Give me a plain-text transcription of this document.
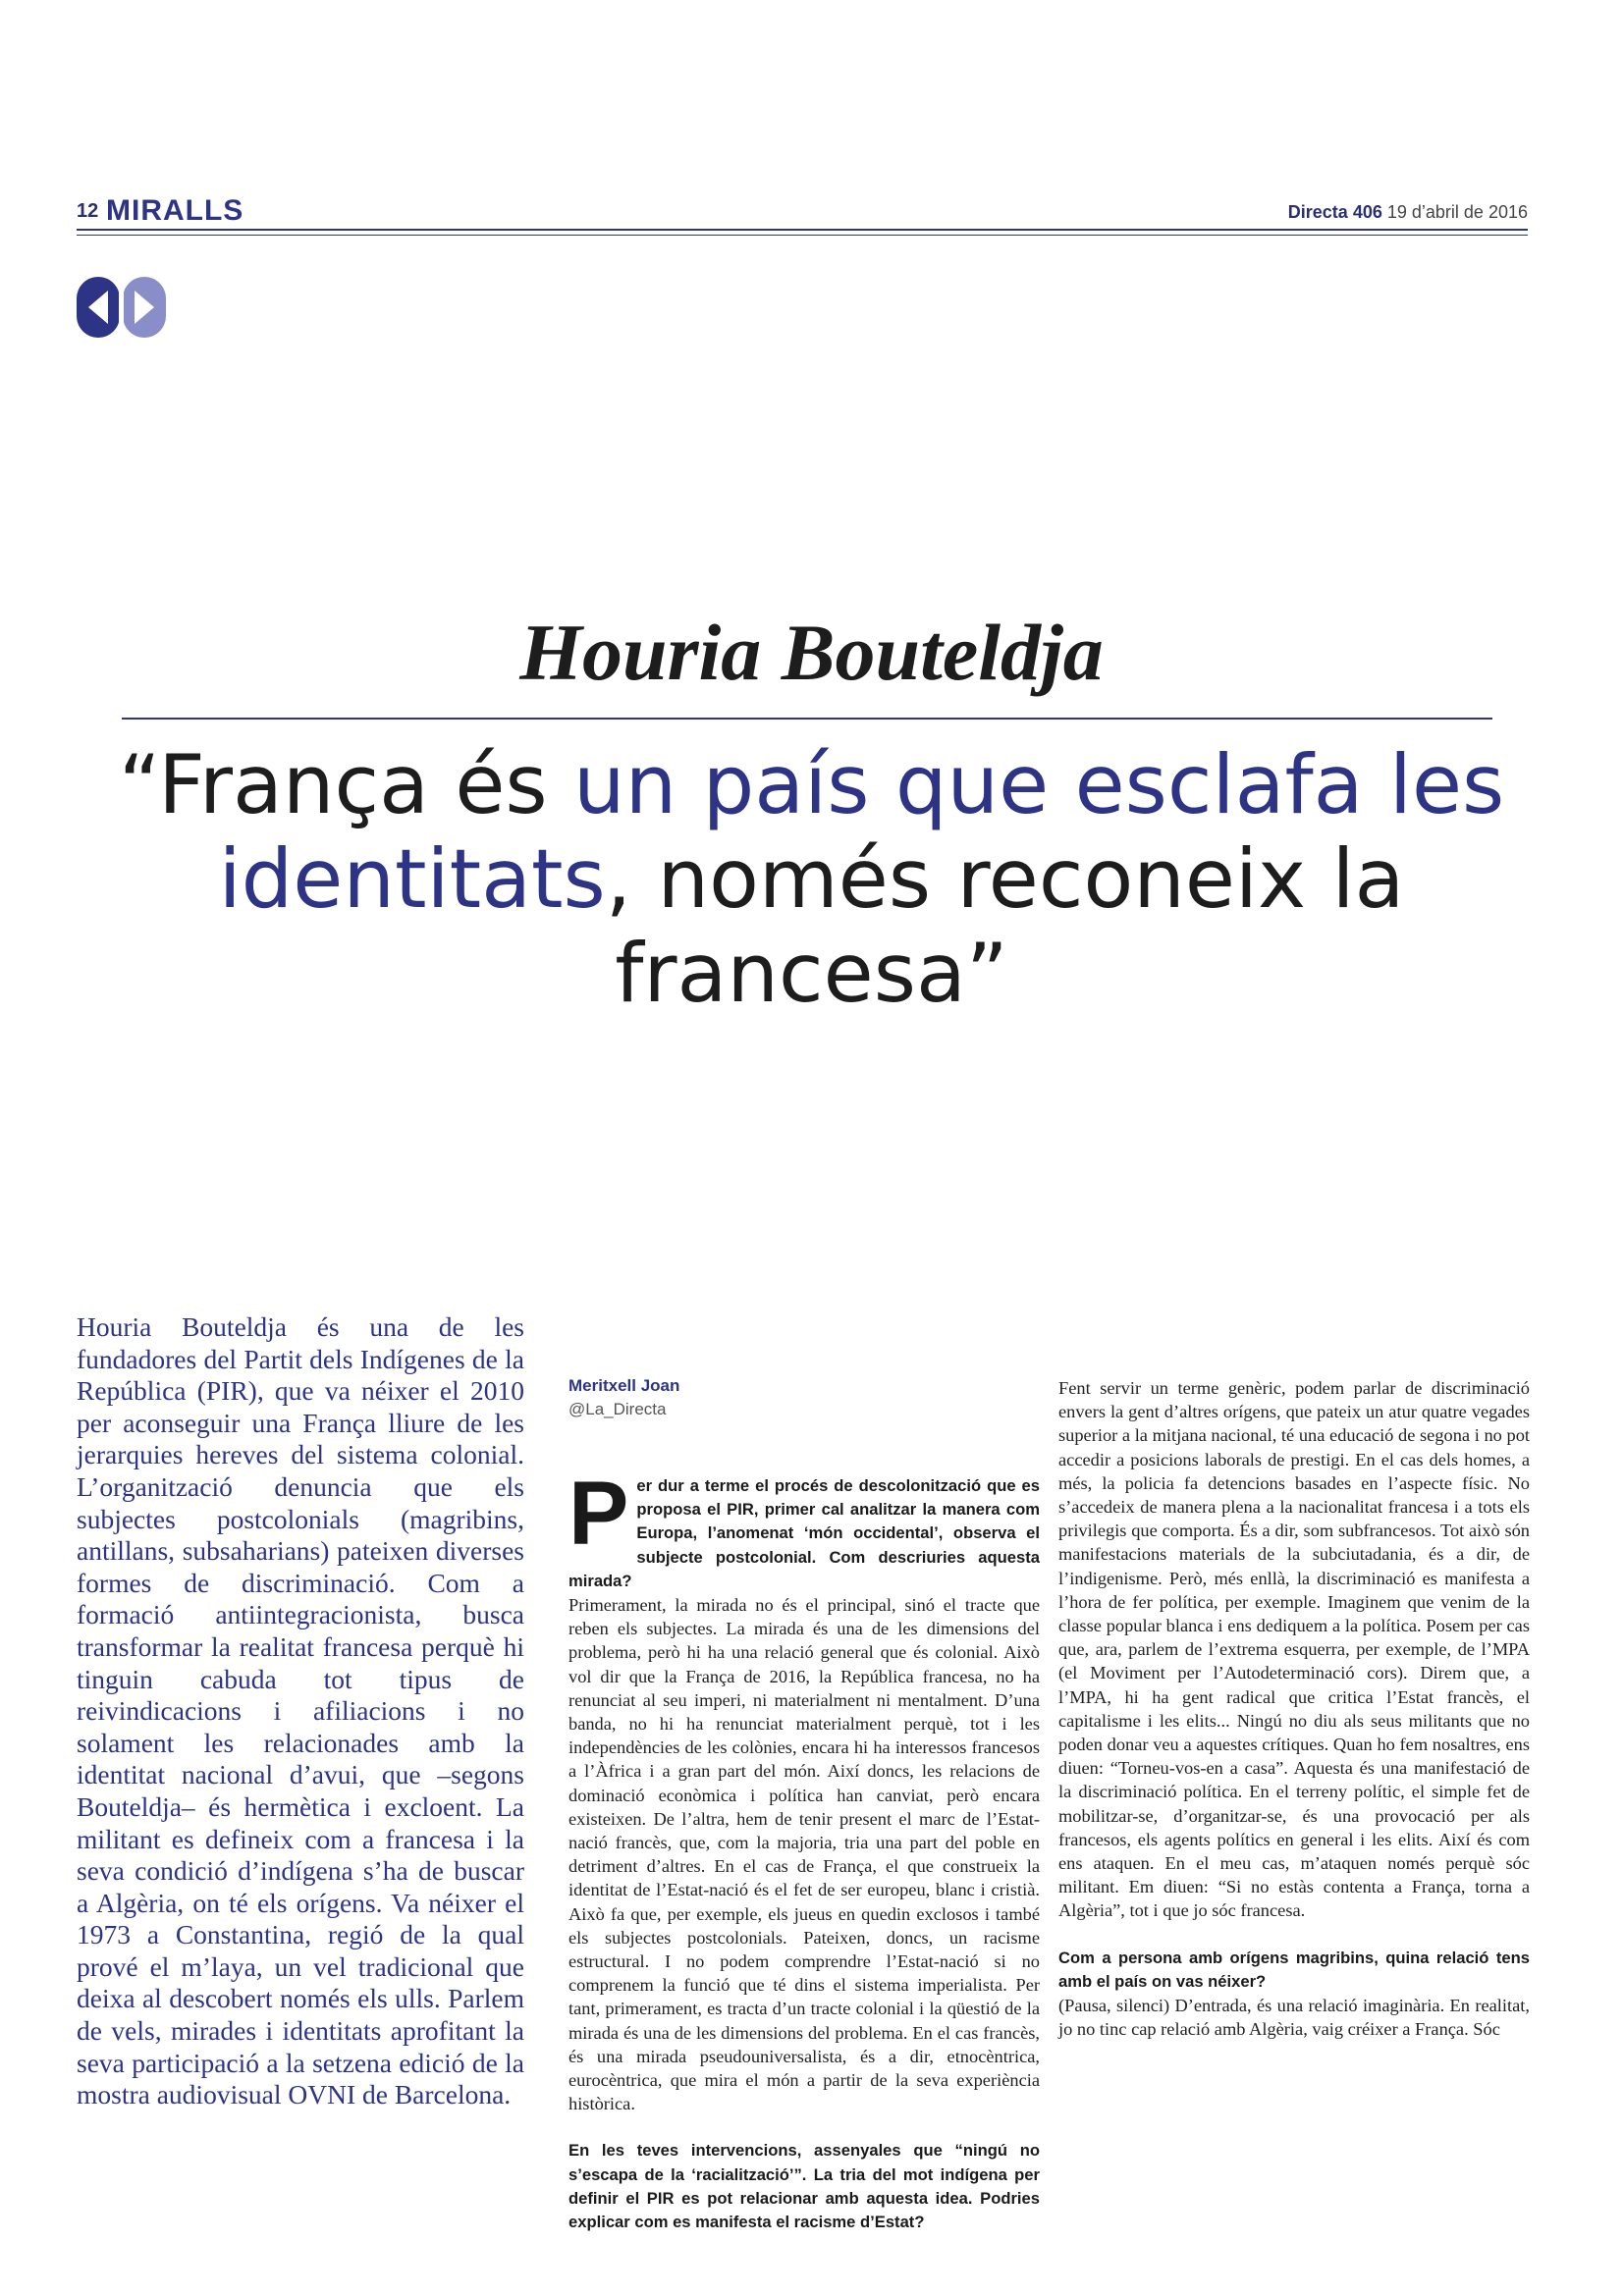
12 MIRALLS	Directa 406 19 d’abril de 2016
Houria Bouteldja
“França és un país que esclafa les identitats, només reconeix la francesa”
Houria Bouteldja és una de les fundadores del Partit dels Indígenes de la República (PIR), que va néixer el 2010 per aconseguir una França lliure de les jerarquies hereves del sistema colonial. L’organització denuncia que els subjectes postcolonials (magribins, antillans, subsaharians) pateixen diverses formes de discriminació. Com a formació antiintegracionista, busca transformar la realitat francesa perquè hi tinguin cabuda tot tipus de reivindicacions i afiliacions i no solament les relacionades amb la identitat nacional d’avui, que –segons Bouteldja– és hermètica i excloent. La militant es defineix com a francesa i la seva condició d’indígena s’ha de buscar a Algèria, on té els orígens. Va néixer el 1973 a Constantina, regió de la qual prové el m’laya, un vel tradicional que deixa al descobert només els ulls. Parlem de vels, mirades i identitats aprofitant la seva participació a la setzena edició de la mostra audiovisual OVNI de Barcelona.
Meritxell Joan
@La_Directa
P er dur a terme el procés de descolonització que es proposa el PIR, primer cal analitzar la manera com Europa, l’anomenat ‘món occidental’, observa el subjecte postcolonial. Com descriuries aquesta mirada?
Primerament, la mirada no és el principal, sinó el tracte que reben els subjectes. La mirada és una de les dimensions del problema, però hi ha una relació general que és colonial. Això vol dir que la França de 2016, la República francesa, no ha renunciat al seu imperi, ni materialment ni mentalment. D’una banda, no hi ha renunciat materialment perquè, tot i les independències de les colònies, encara hi ha interessos francesos a l’Àfrica i a gran part del món. Així doncs, les relacions de dominació econòmica i política han canviat, però encara existeixen. De l’altra, hem de tenir present el marc de l’Estat-nació francès, que, com la majoria, tria una part del poble en detriment d’altres. En el cas de França, el que construeix la identitat de l’Estat-nació és el fet de ser europeu, blanc i cristià. Això fa que, per exemple, els jueus en quedin exclosos i també els subjectes postcolonials. Pateixen, doncs, un racisme estructural. I no podem comprendre l’Estat-nació si no comprenem la funció que té dins el sistema imperialista. Per tant, primerament, es tracta d’un tracte colonial i la qüestió de la mirada és una de les dimensions del problema. En el cas francès, és una mirada pseudouniversalista, és a dir, etnocèntrica, eurocèntrica, que mira el món a partir de la seva experiència històrica.
En les teves intervencions, assenyales que “ningú no s’escapa de la ‘racialització’”. La tria del mot indígena per definir el PIR es pot relacionar amb aquesta idea. Podries explicar com es manifesta el racisme d’Estat?
Fent servir un terme genèric, podem parlar de discriminació envers la gent d’altres orígens, que pateix un atur quatre vegades superior a la mitjana nacional, té una educació de segona i no pot accedir a posicions laborals de prestigi. En el cas dels homes, a més, la policia fa detencions basades en l’aspecte físic. No s’accedeix de manera plena a la nacionalitat francesa i a tots els privilegis que comporta. És a dir, som subfrancesos. Tot això són manifestacions materials de la subciutadania, és a dir, de l’indigenisme. Però, més enllà, la discriminació es manifesta a l’hora de fer política, per exemple. Imaginem que venim de la classe popular blanca i ens dediquem a la política. Posem per cas que, ara, parlem de l’extrema esquerra, per exemple, de l’MPA (el Moviment per l’Autodeterminació cors). Direm que, a l’MPA, hi ha gent radical que critica l’Estat francès, el capitalisme i les elits... Ningú no diu als seus militants que no poden donar veu a aquestes crítiques. Quan ho fem nosaltres, ens diuen: “Torneu-vos-en a casa”. Aquesta és una manifestació de la discriminació política. En el terreny polític, el simple fet de mobilitzar-se, d’organitzar-se, és una provocació per als francesos, els agents polítics en general i les elits. Així és com ens ataquen. En el meu cas, m’ataquen només perquè sóc militant. Em diuen: “Si no estàs contenta a França, torna a Algèria”, tot i que jo sóc francesa.
Com a persona amb orígens magribins, quina relació tens amb el país on vas néixer?
(Pausa, silenci) D’entrada, és una relació imaginària. En realitat, jo no tinc cap relació amb Algèria, vaig créixer a França. Sóc
